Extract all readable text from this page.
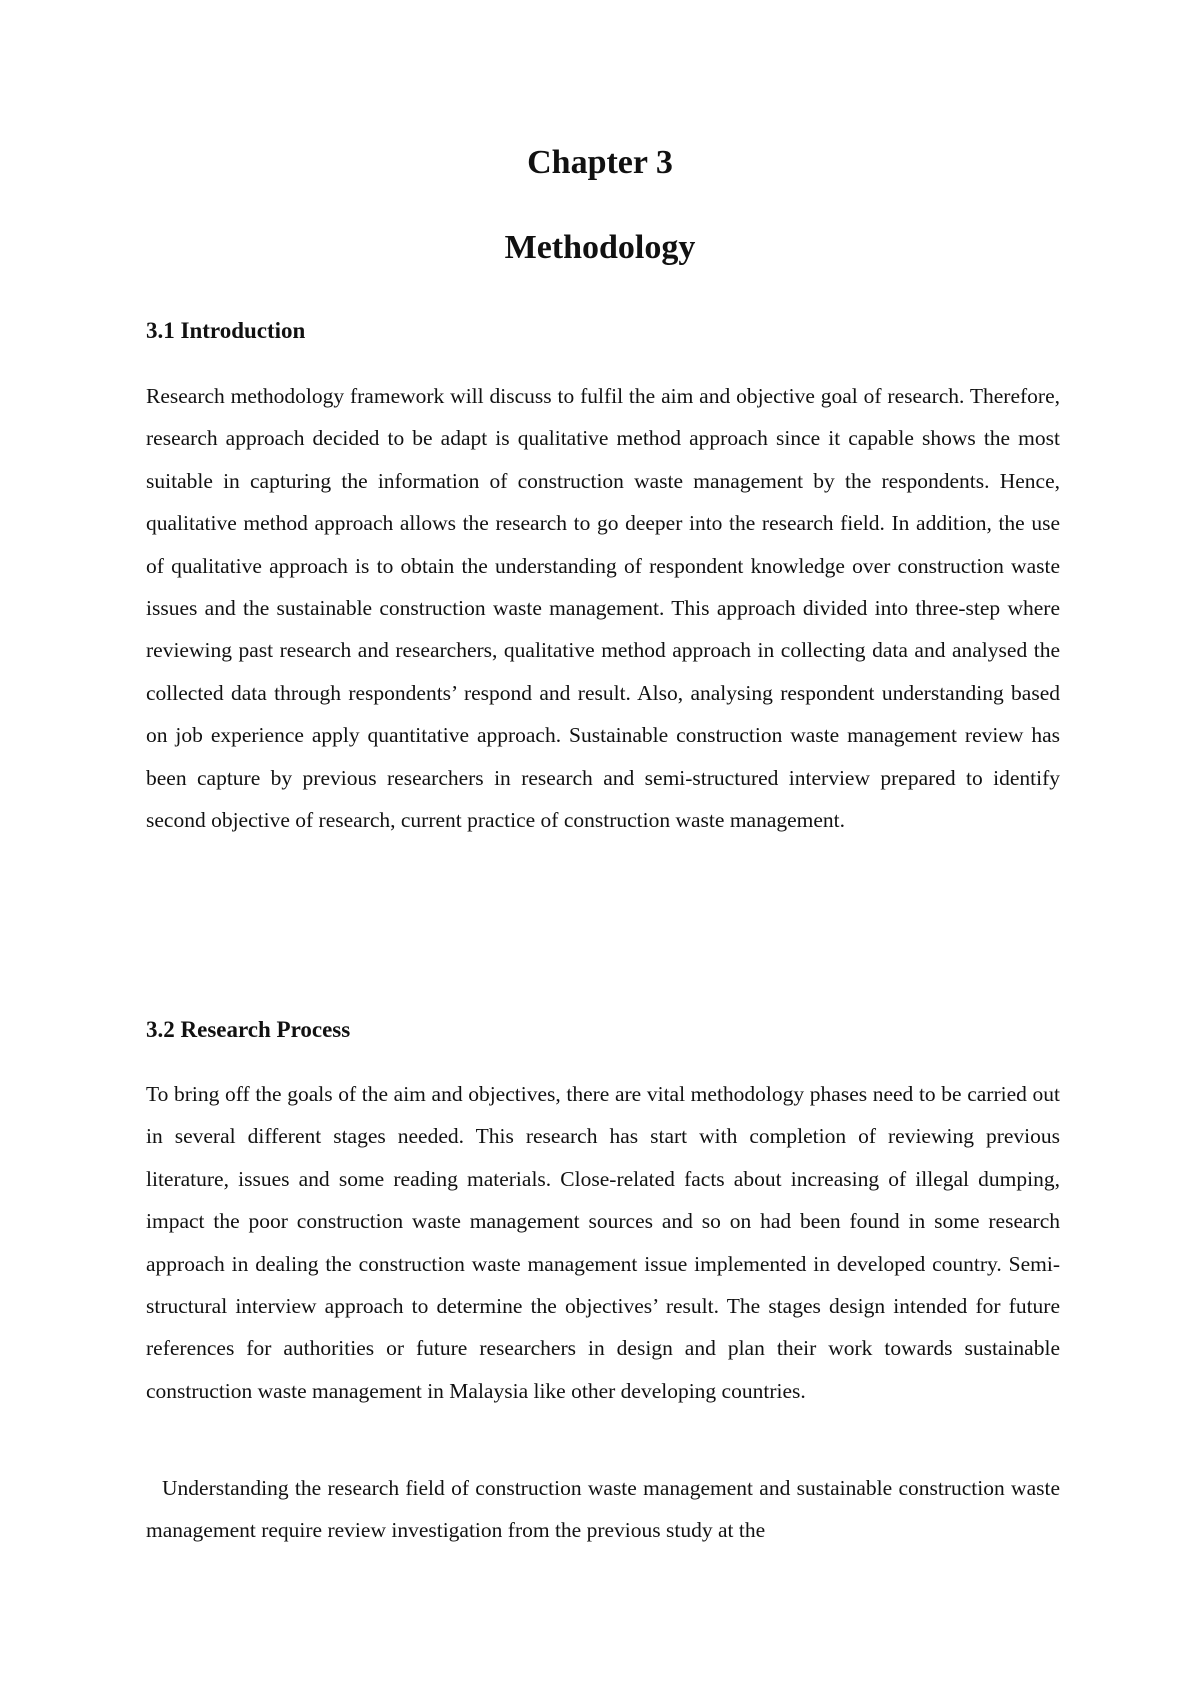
Chapter 3
Methodology
3.1 Introduction

Research methodology framework will discuss to fulfil the aim and objective goal of research. Therefore, research approach decided to be adapt is qualitative method approach since it capable shows the most suitable in capturing the information of construction waste management by the respondents. Hence, qualitative method approach allows the research to go deeper into the research field. In addition, the use of qualitative approach is to obtain the understanding of respondent knowledge over construction waste issues and the sustainable construction waste management. This approach divided into three-step where reviewing past research and researchers, qualitative method approach in collecting data and analysed the collected data through respondents’ respond and result. Also, analysing respondent understanding based on job experience apply quantitative approach. Sustainable construction waste management review has been capture by previous researchers in research and semi-structured interview prepared to identify second objective of research, current practice of construction waste management.

3.2 Research Process

To bring off the goals of the aim and objectives, there are vital methodology phases need to be carried out in several different stages needed. This research has start with completion of reviewing previous literature, issues and some reading materials. Close-related facts about increasing of illegal dumping, impact the poor construction waste management sources and so on had been found in some research approach in dealing the construction waste management issue implemented in developed country. Semi-structural interview approach to determine the objectives’ result. The stages design intended for future references for authorities or future researchers in design and plan their work towards sustainable construction waste management in Malaysia like other developing countries.

Understanding the research field of construction waste management and sustainable construction waste management require review investigation from the previous study at the
